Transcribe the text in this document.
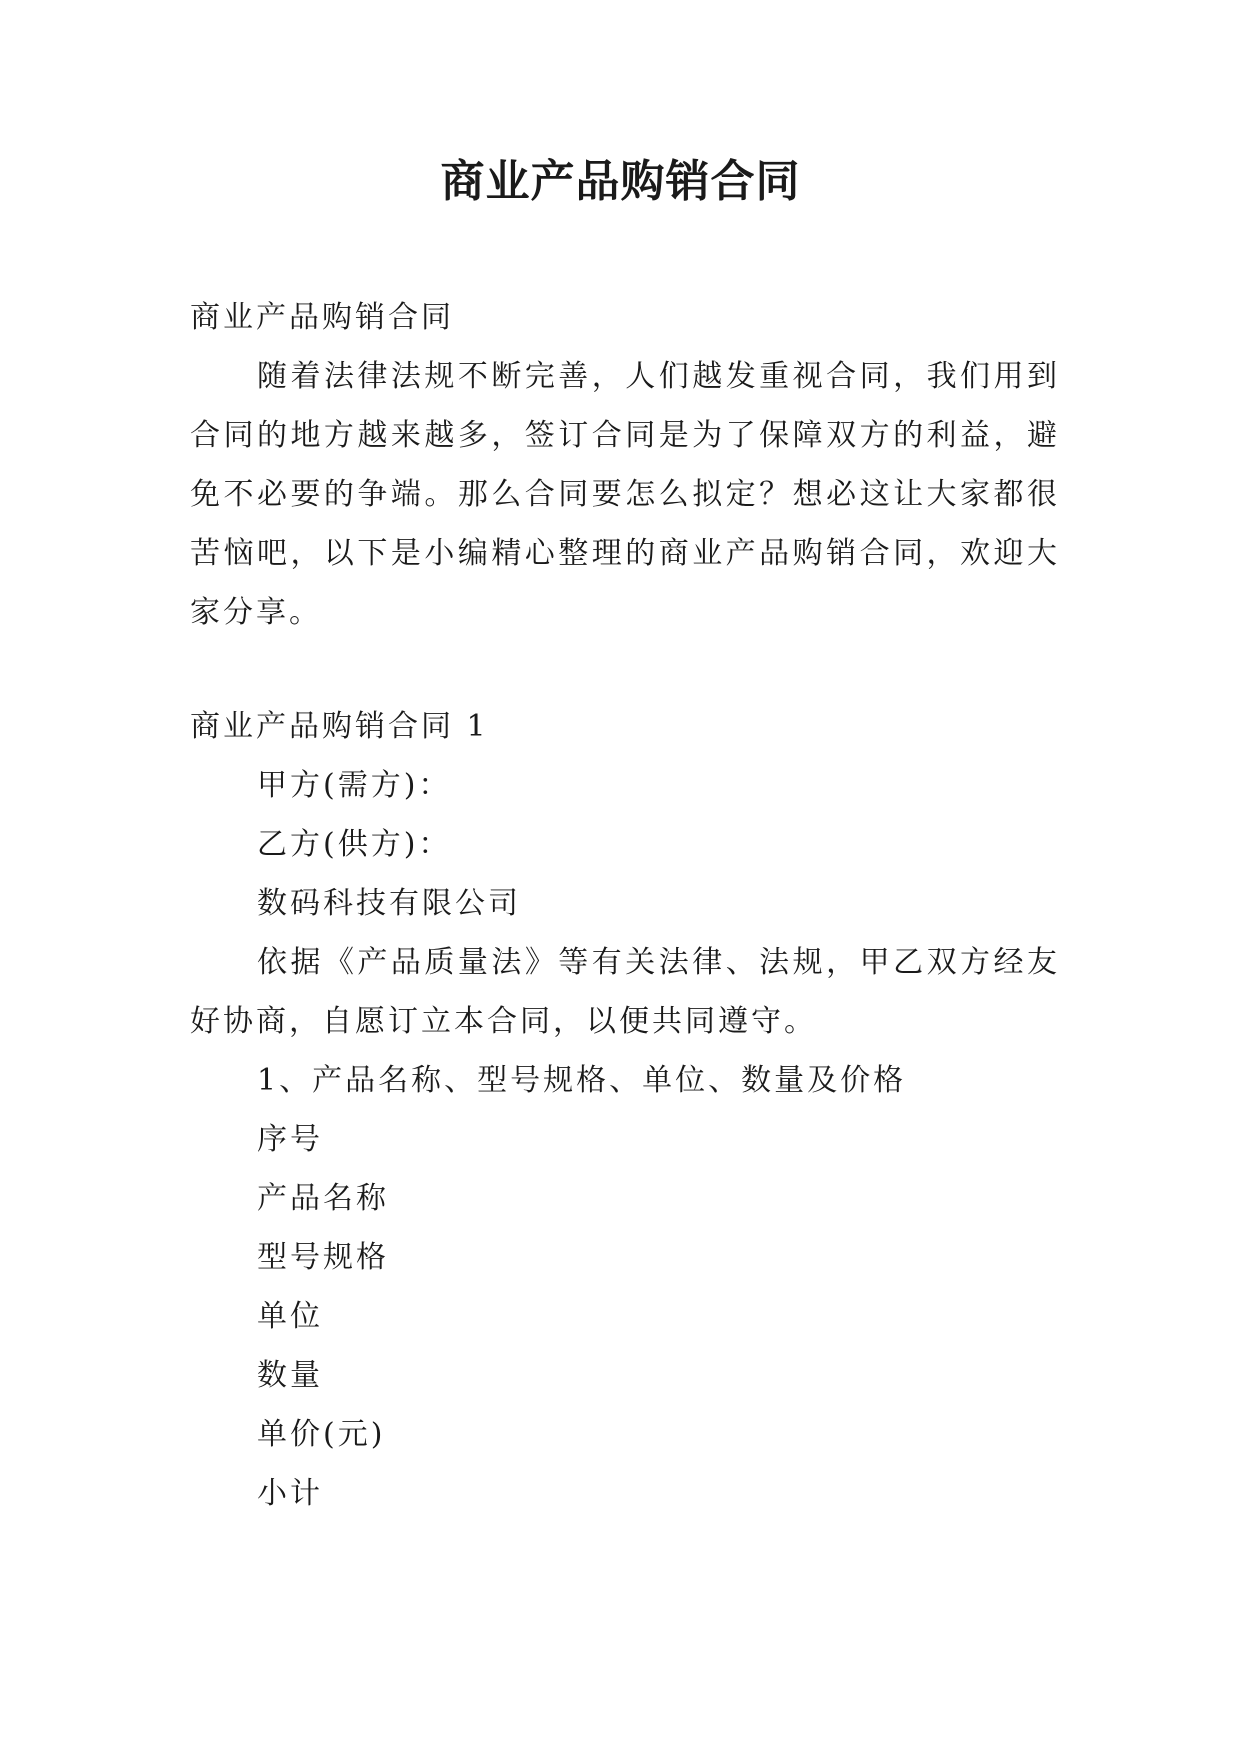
商业产品购销合同
商业产品购销合同

随着法律法规不断完善，人们越发重视合同，我们用到合同的地方越来越多，签订合同是为了保障双方的利益，避免不必要的争端。那么合同要怎么拟定？想必这让大家都很苦恼吧，以下是小编精心整理的商业产品购销合同，欢迎大家分享。

商业产品购销合同 1
甲方(需方)：
乙方(供方)：
数码科技有限公司

依据《产品质量法》等有关法律、法规，甲乙双方经友好协商，自愿订立本合同，以便共同遵守。

1、产品名称、型号规格、单位、数量及价格
序号
产品名称
型号规格
单位
数量
单价(元)
小计
